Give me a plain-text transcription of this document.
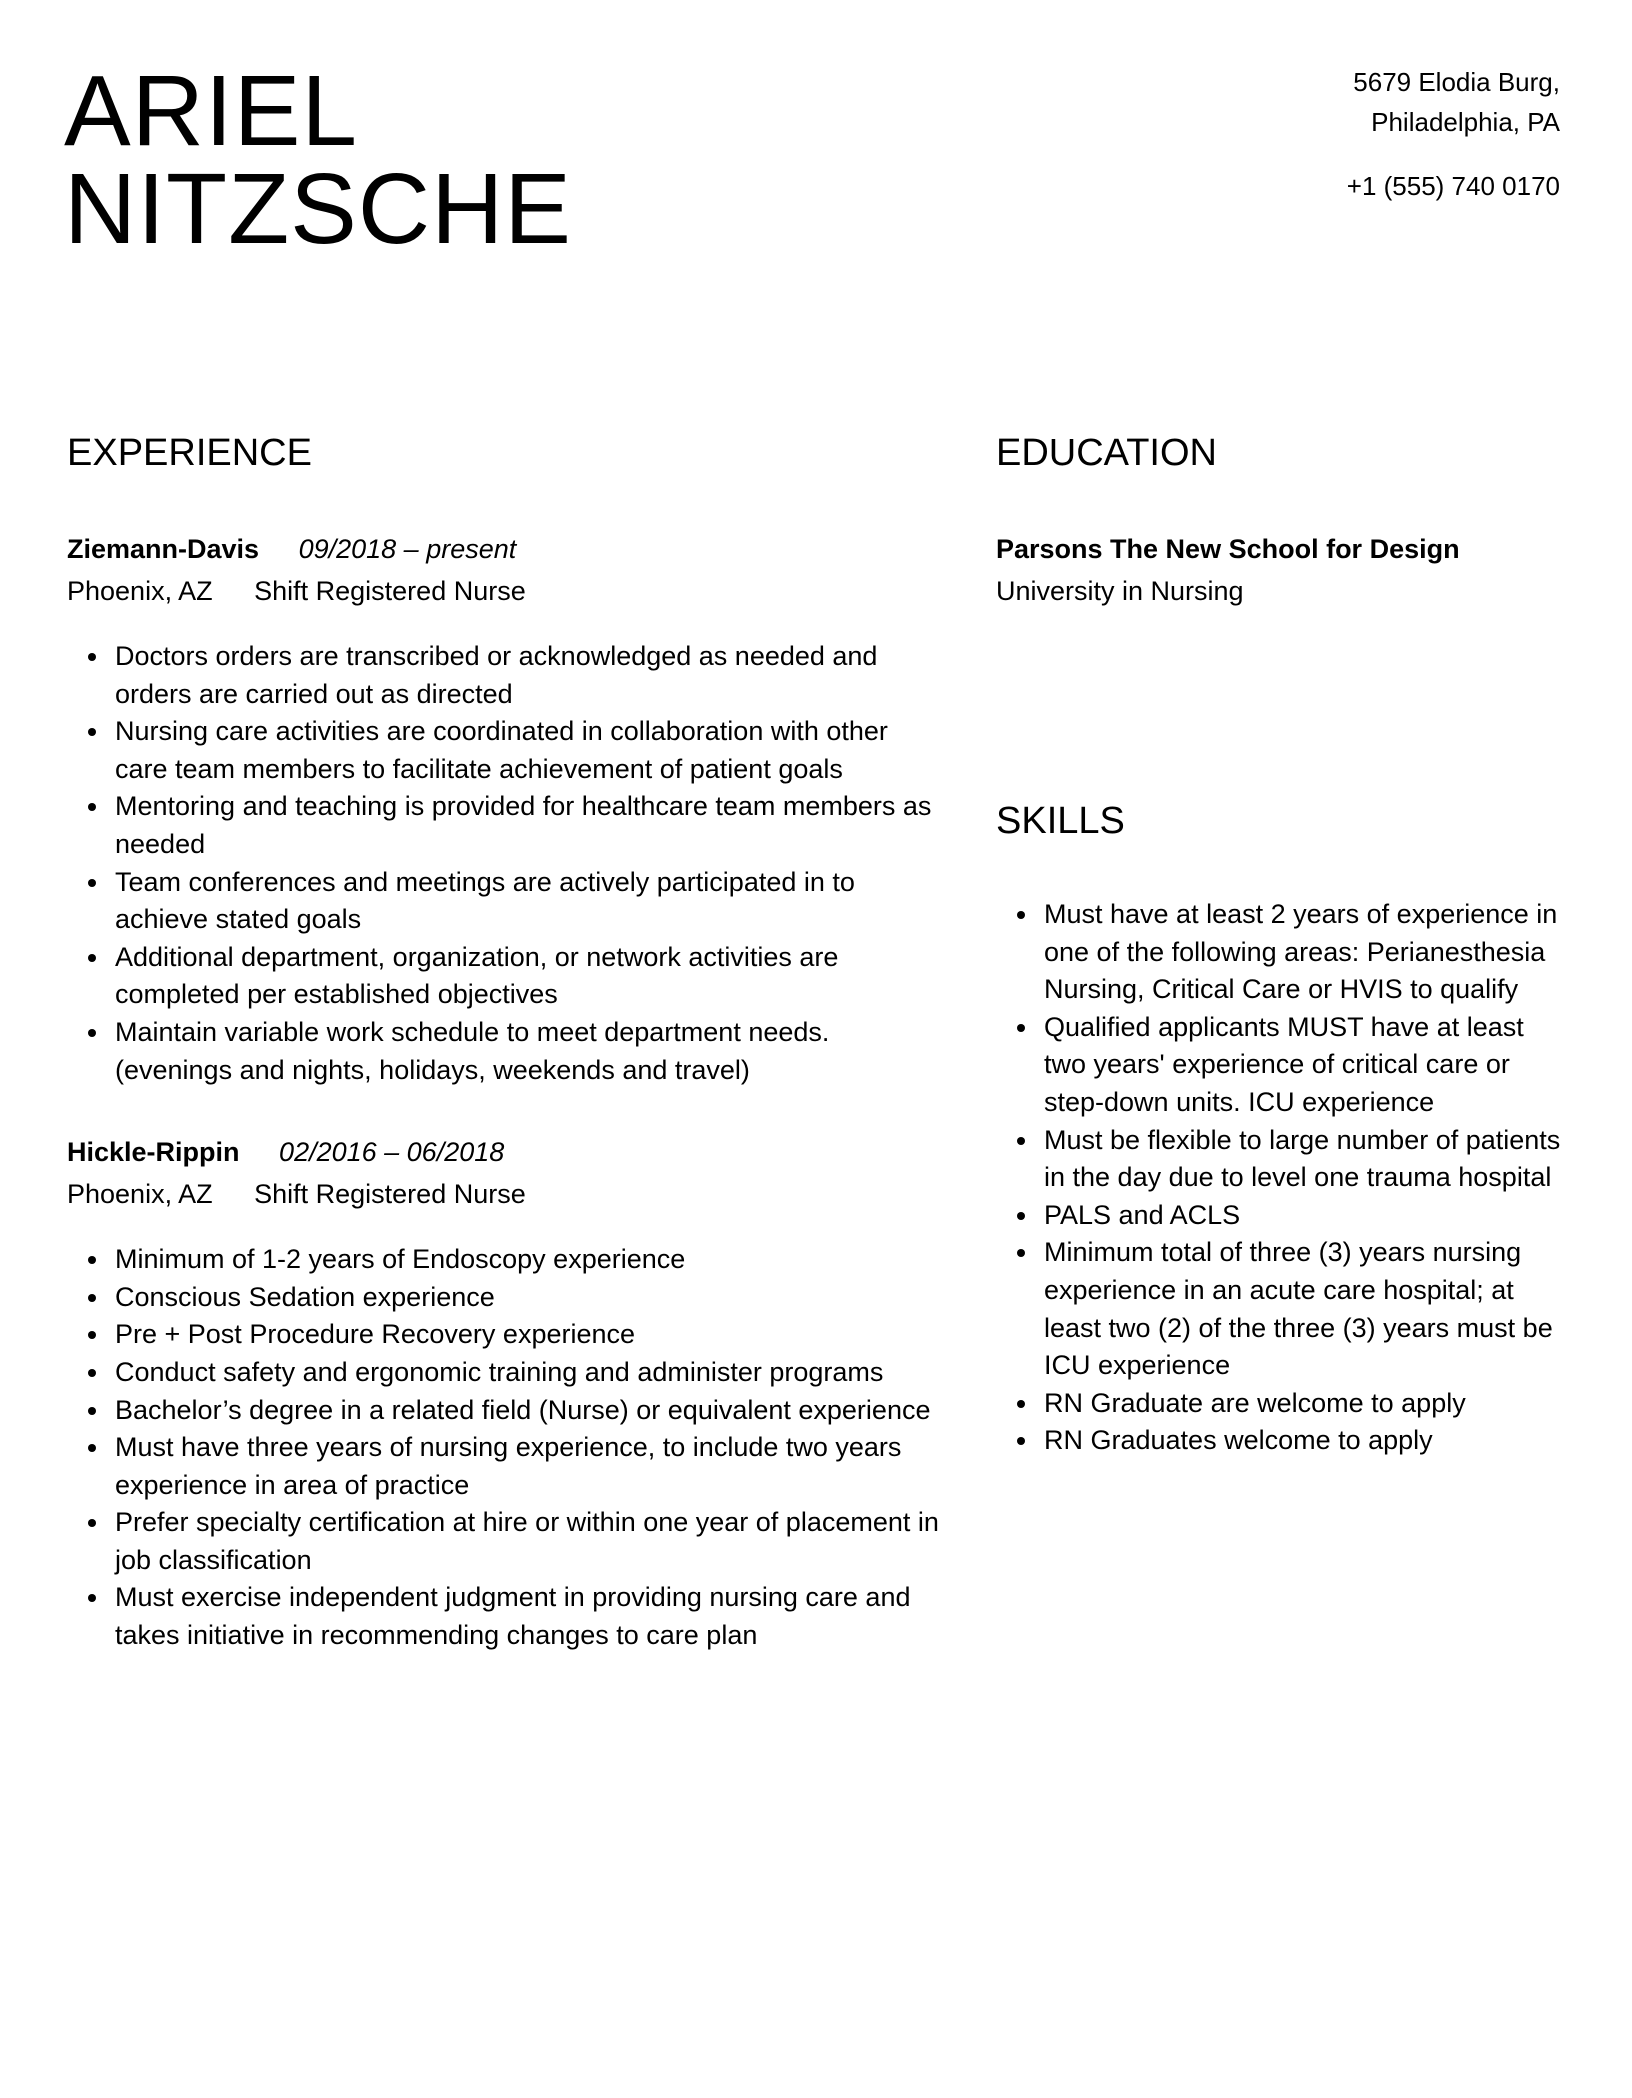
ARIEL
NITZSCHE
5679 Elodia Burg,
Philadelphia, PA
+1 (555) 740 0170
EXPERIENCE
Ziemann-Davis 09/2018 – present
Phoenix, AZ Shift Registered Nurse
• Doctors orders are transcribed or acknowledged as needed and orders are carried out as directed
• Nursing care activities are coordinated in collaboration with other care team members to facilitate achievement of patient goals
• Mentoring and teaching is provided for healthcare team members as needed
• Team conferences and meetings are actively participated in to achieve stated goals
• Additional department, organization, or network activities are completed per established objectives
• Maintain variable work schedule to meet department needs. (evenings and nights, holidays, weekends and travel)
Hickle-Rippin 02/2016 – 06/2018
Phoenix, AZ Shift Registered Nurse
• Minimum of 1-2 years of Endoscopy experience
• Conscious Sedation experience
• Pre + Post Procedure Recovery experience
• Conduct safety and ergonomic training and administer programs
• Bachelor’s degree in a related field (Nurse) or equivalent experience
• Must have three years of nursing experience, to include two years experience in area of practice
• Prefer specialty certification at hire or within one year of placement in job classification
• Must exercise independent judgment in providing nursing care and takes initiative in recommending changes to care plan
EDUCATION
Parsons The New School for Design
University in Nursing
SKILLS
• Must have at least 2 years of experience in one of the following areas: Perianesthesia Nursing, Critical Care or HVIS to qualify
• Qualified applicants MUST have at least two years' experience of critical care or step-down units. ICU experience
• Must be flexible to large number of patients in the day due to level one trauma hospital
• PALS and ACLS
• Minimum total of three (3) years nursing experience in an acute care hospital; at least two (2) of the three (3) years must be ICU experience
• RN Graduate are welcome to apply
• RN Graduates welcome to apply
